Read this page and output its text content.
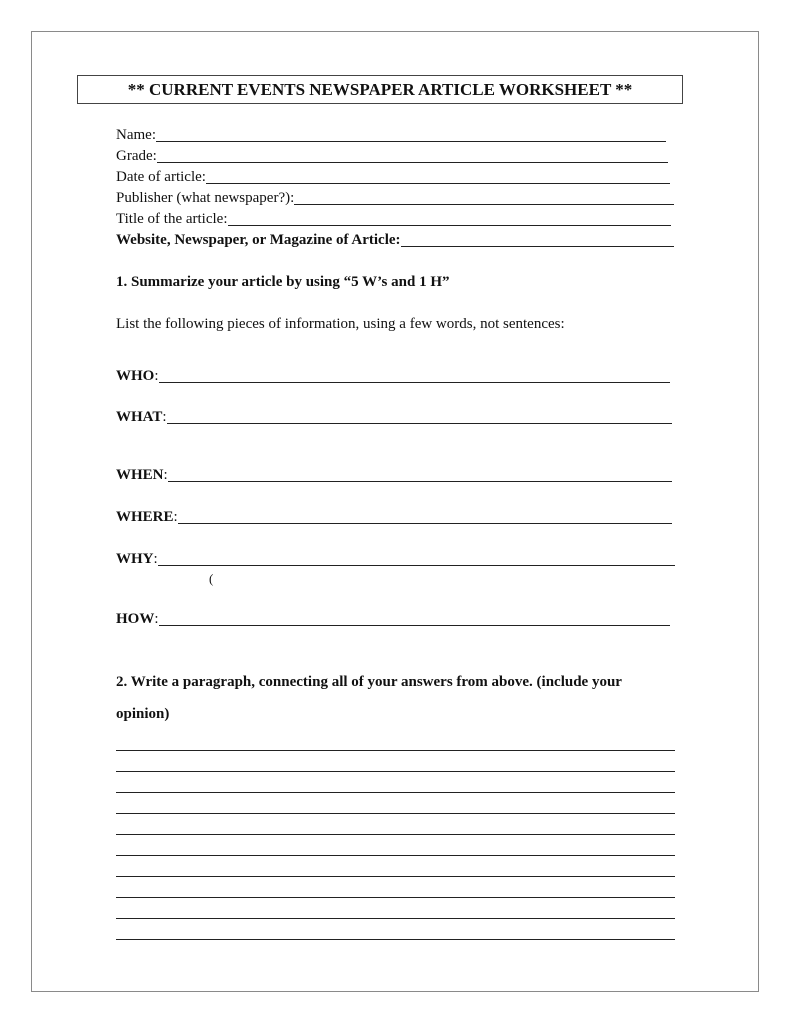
** CURRENT EVENTS NEWSPAPER ARTICLE WORKSHEET **
Name:
Grade:
Date of article:
Publisher (what newspaper?):
Title of the article:
Website, Newspaper, or Magazine of Article:
1. Summarize your article by using “5 W’s and 1 H”
List the following pieces of information, using a few words, not sentences:
WHO :
WHAT :
WHEN :
WHERE :
WHY :
(
HOW :
2. Write a paragraph, connecting all of your answers from above. (include your
opinion)
